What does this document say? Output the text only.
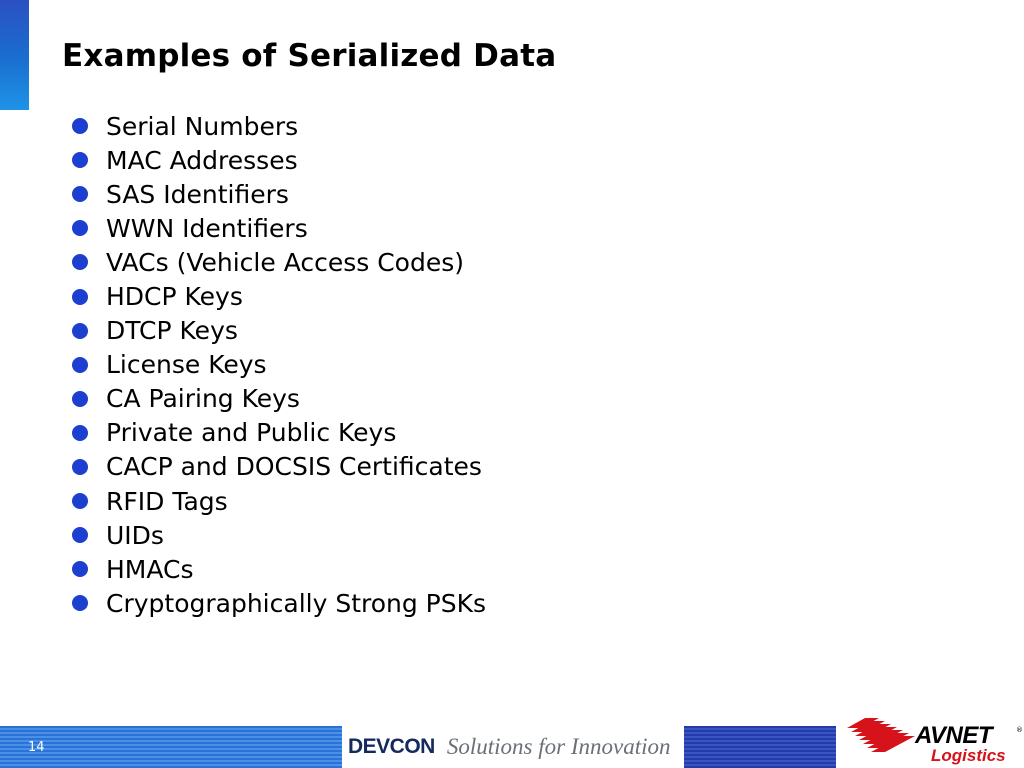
Examples of Serialized Data
Serial Numbers
MAC Addresses
SAS Identifiers
WWN Identifiers
VACs (Vehicle Access Codes)
HDCP Keys
DTCP Keys
License Keys
CA Pairing Keys
Private and Public Keys
CACP and DOCSIS Certificates
RFID Tags
UIDs
HMACs
Cryptographically Strong PSKs
14	DEVCON Solutions for Innovation	AVNET	®
Logistics
